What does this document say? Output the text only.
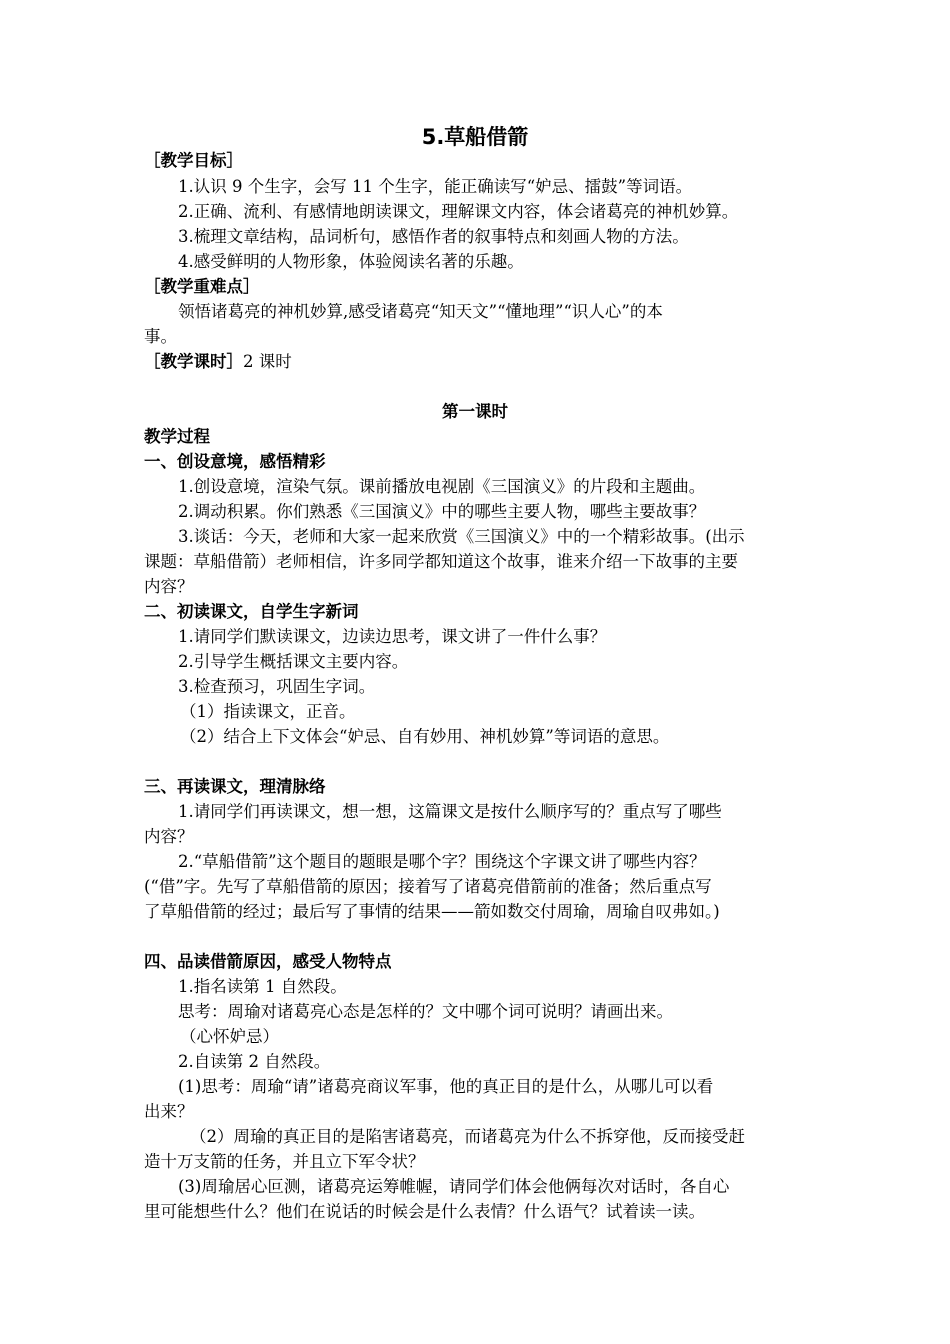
5.草船借箭

［教学目标］

1.认识 9 个生字，会写 11 个生字，能正确读写“妒忌、擂鼓”等词语。

2.正确、流利、有感情地朗读课文，理解课文内容，体会诸葛亮的神机妙算。

3.梳理文章结构，品词析句，感悟作者的叙事特点和刻画人物的方法。

4.感受鲜明的人物形象，体验阅读名著的乐趣。

［教学重难点］

领悟诸葛亮的神机妙算,感受诸葛亮“知天文”“懂地理”“识人心”的本

事。

［教学课时］2 课时

第一课时

教学过程

一、创设意境，感悟精彩

1.创设意境，渲染气氛。课前播放电视剧《三国演义》的片段和主题曲。

2.调动积累。你们熟悉《三国演义》中的哪些主要人物，哪些主要故事？

3.谈话：今天，老师和大家一起来欣赏《三国演义》中的一个精彩故事。(出示

课题：草船借箭）老师相信，许多同学都知道这个故事，谁来介绍一下故事的主要

内容？

二、初读课文，自学生字新词

1.请同学们默读课文，边读边思考，课文讲了一件什么事？

2.引导学生概括课文主要内容。

3.检查预习，巩固生字词。

（1）指读课文，正音。

（2）结合上下文体会“妒忌、自有妙用、神机妙算”等词语的意思。

三、再读课文，理清脉络

1.请同学们再读课文，想一想，这篇课文是按什么顺序写的？重点写了哪些

内容？

2.“草船借箭”这个题目的题眼是哪个字？围绕这个字课文讲了哪些内容？

(“借”字。先写了草船借箭的原因；接着写了诸葛亮借箭前的准备；然后重点写

了草船借箭的经过；最后写了事情的结果——箭如数交付周瑜，周瑜自叹弗如。)

四、品读借箭原因，感受人物特点

1.指名读第 1 自然段。

思考：周瑜对诸葛亮心态是怎样的？文中哪个词可说明？请画出来。

（心怀妒忌）

2.自读第 2 自然段。

(1)思考：周瑜“请”诸葛亮商议军事，他的真正目的是什么，从哪儿可以看

出来？

（2）周瑜的真正目的是陷害诸葛亮，而诸葛亮为什么不拆穿他，反而接受赶

造十万支箭的任务，并且立下军令状？

(3)周瑜居心叵测，诸葛亮运筹帷幄，请同学们体会他俩每次对话时，各自心

里可能想些什么？他们在说话的时候会是什么表情？什么语气？试着读一读。
